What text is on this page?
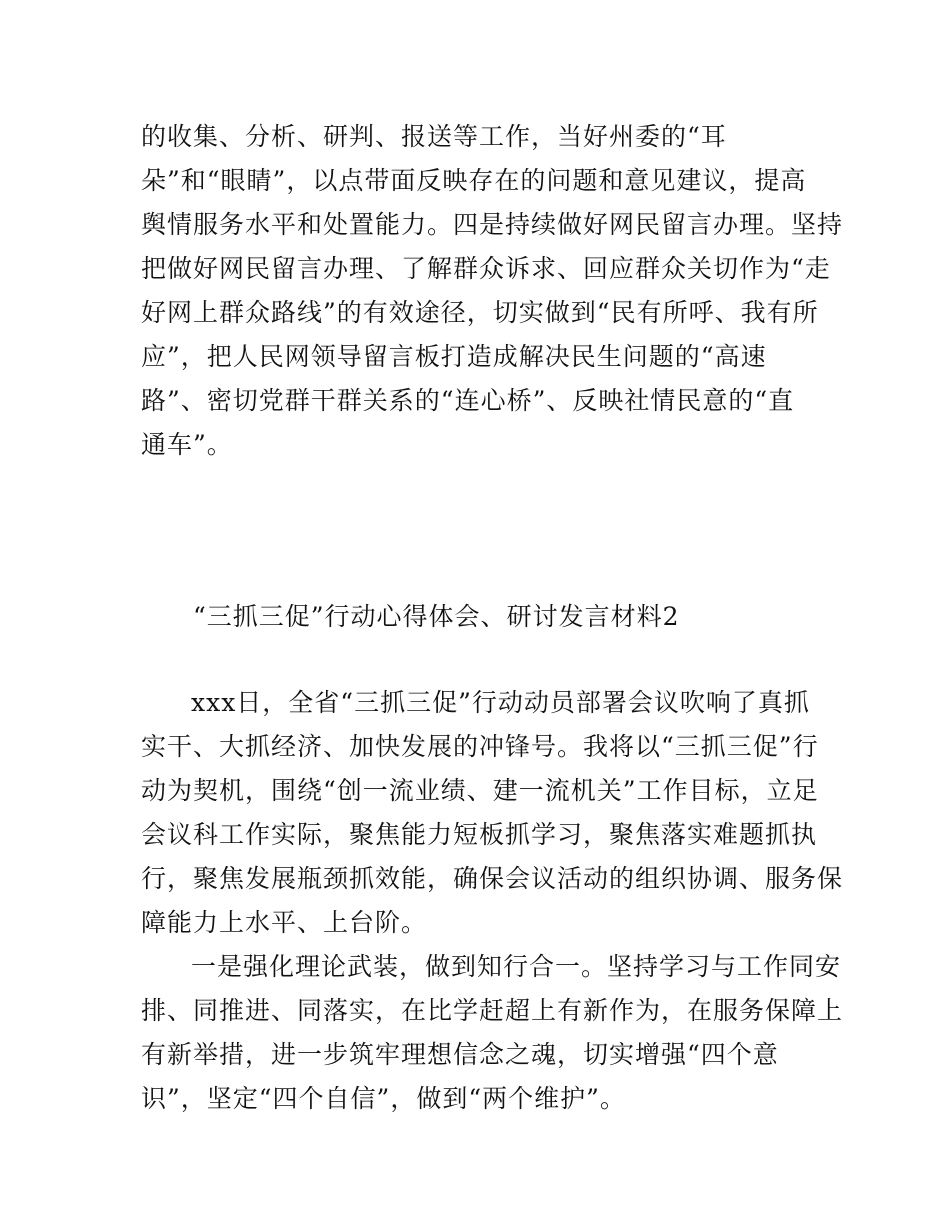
的收集、分析、研判、报送等工作，当好州委的“耳
朵”和“眼睛”，以点带面反映存在的问题和意见建议，提高
舆情服务水平和处置能力。四是持续做好网民留言办理。坚持
把做好网民留言办理、了解群众诉求、回应群众关切作为“走
好网上群众路线”的有效途径，切实做到“民有所呼、我有所
应”，把人民网领导留言板打造成解决民生问题的“高速
路”、密切党群干群关系的“连心桥”、反映社情民意的“直
通车”。
“三抓三促”行动心得体会、研讨发言材料2
xxx日，全省“三抓三促”行动动员部署会议吹响了真抓
实干、大抓经济、加快发展的冲锋号。我将以“三抓三促”行
动为契机，围绕“创一流业绩、建一流机关”工作目标，立足
会议科工作实际，聚焦能力短板抓学习，聚焦落实难题抓执
行，聚焦发展瓶颈抓效能，确保会议活动的组织协调、服务保
障能力上水平、上台阶。
一是强化理论武装，做到知行合一。坚持学习与工作同安
排、同推进、同落实，在比学赶超上有新作为，在服务保障上
有新举措，进一步筑牢理想信念之魂，切实增强“四个意
识”，坚定“四个自信”，做到“两个维护”。
